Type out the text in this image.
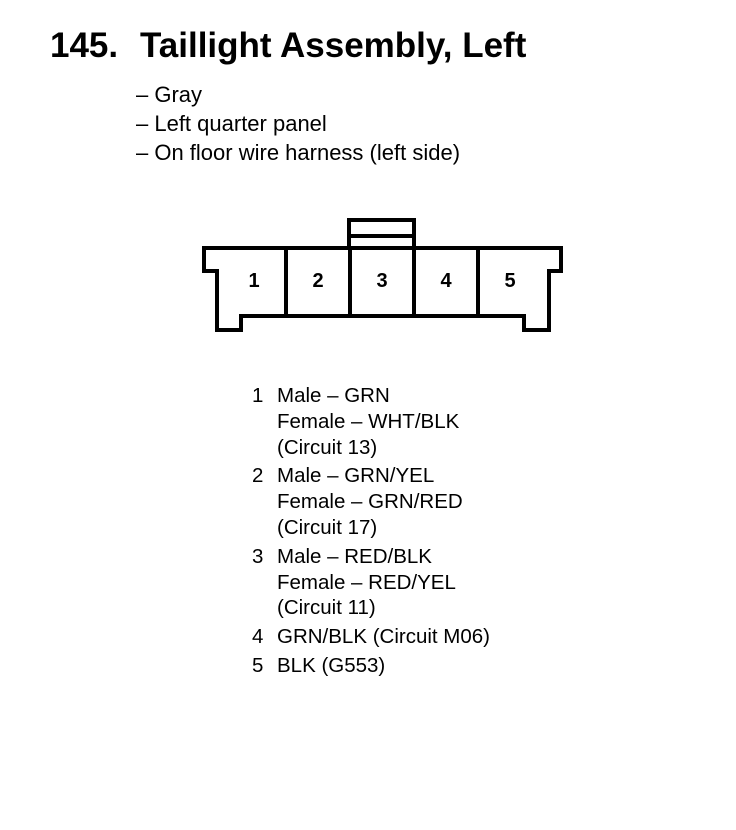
145. Taillight Assembly, Left
– Gray
– Left quarter panel
– On floor wire harness (left side)
1	2	3	4	5
1 Male – GRN
Female – WHT/BLK
(Circuit 13)
2 Male – GRN/YEL
Female – GRN/RED
(Circuit 17)
3 Male – RED/BLK
Female – RED/YEL
(Circuit 11)
4 GRN/BLK (Circuit M06)
5 BLK (G553)
